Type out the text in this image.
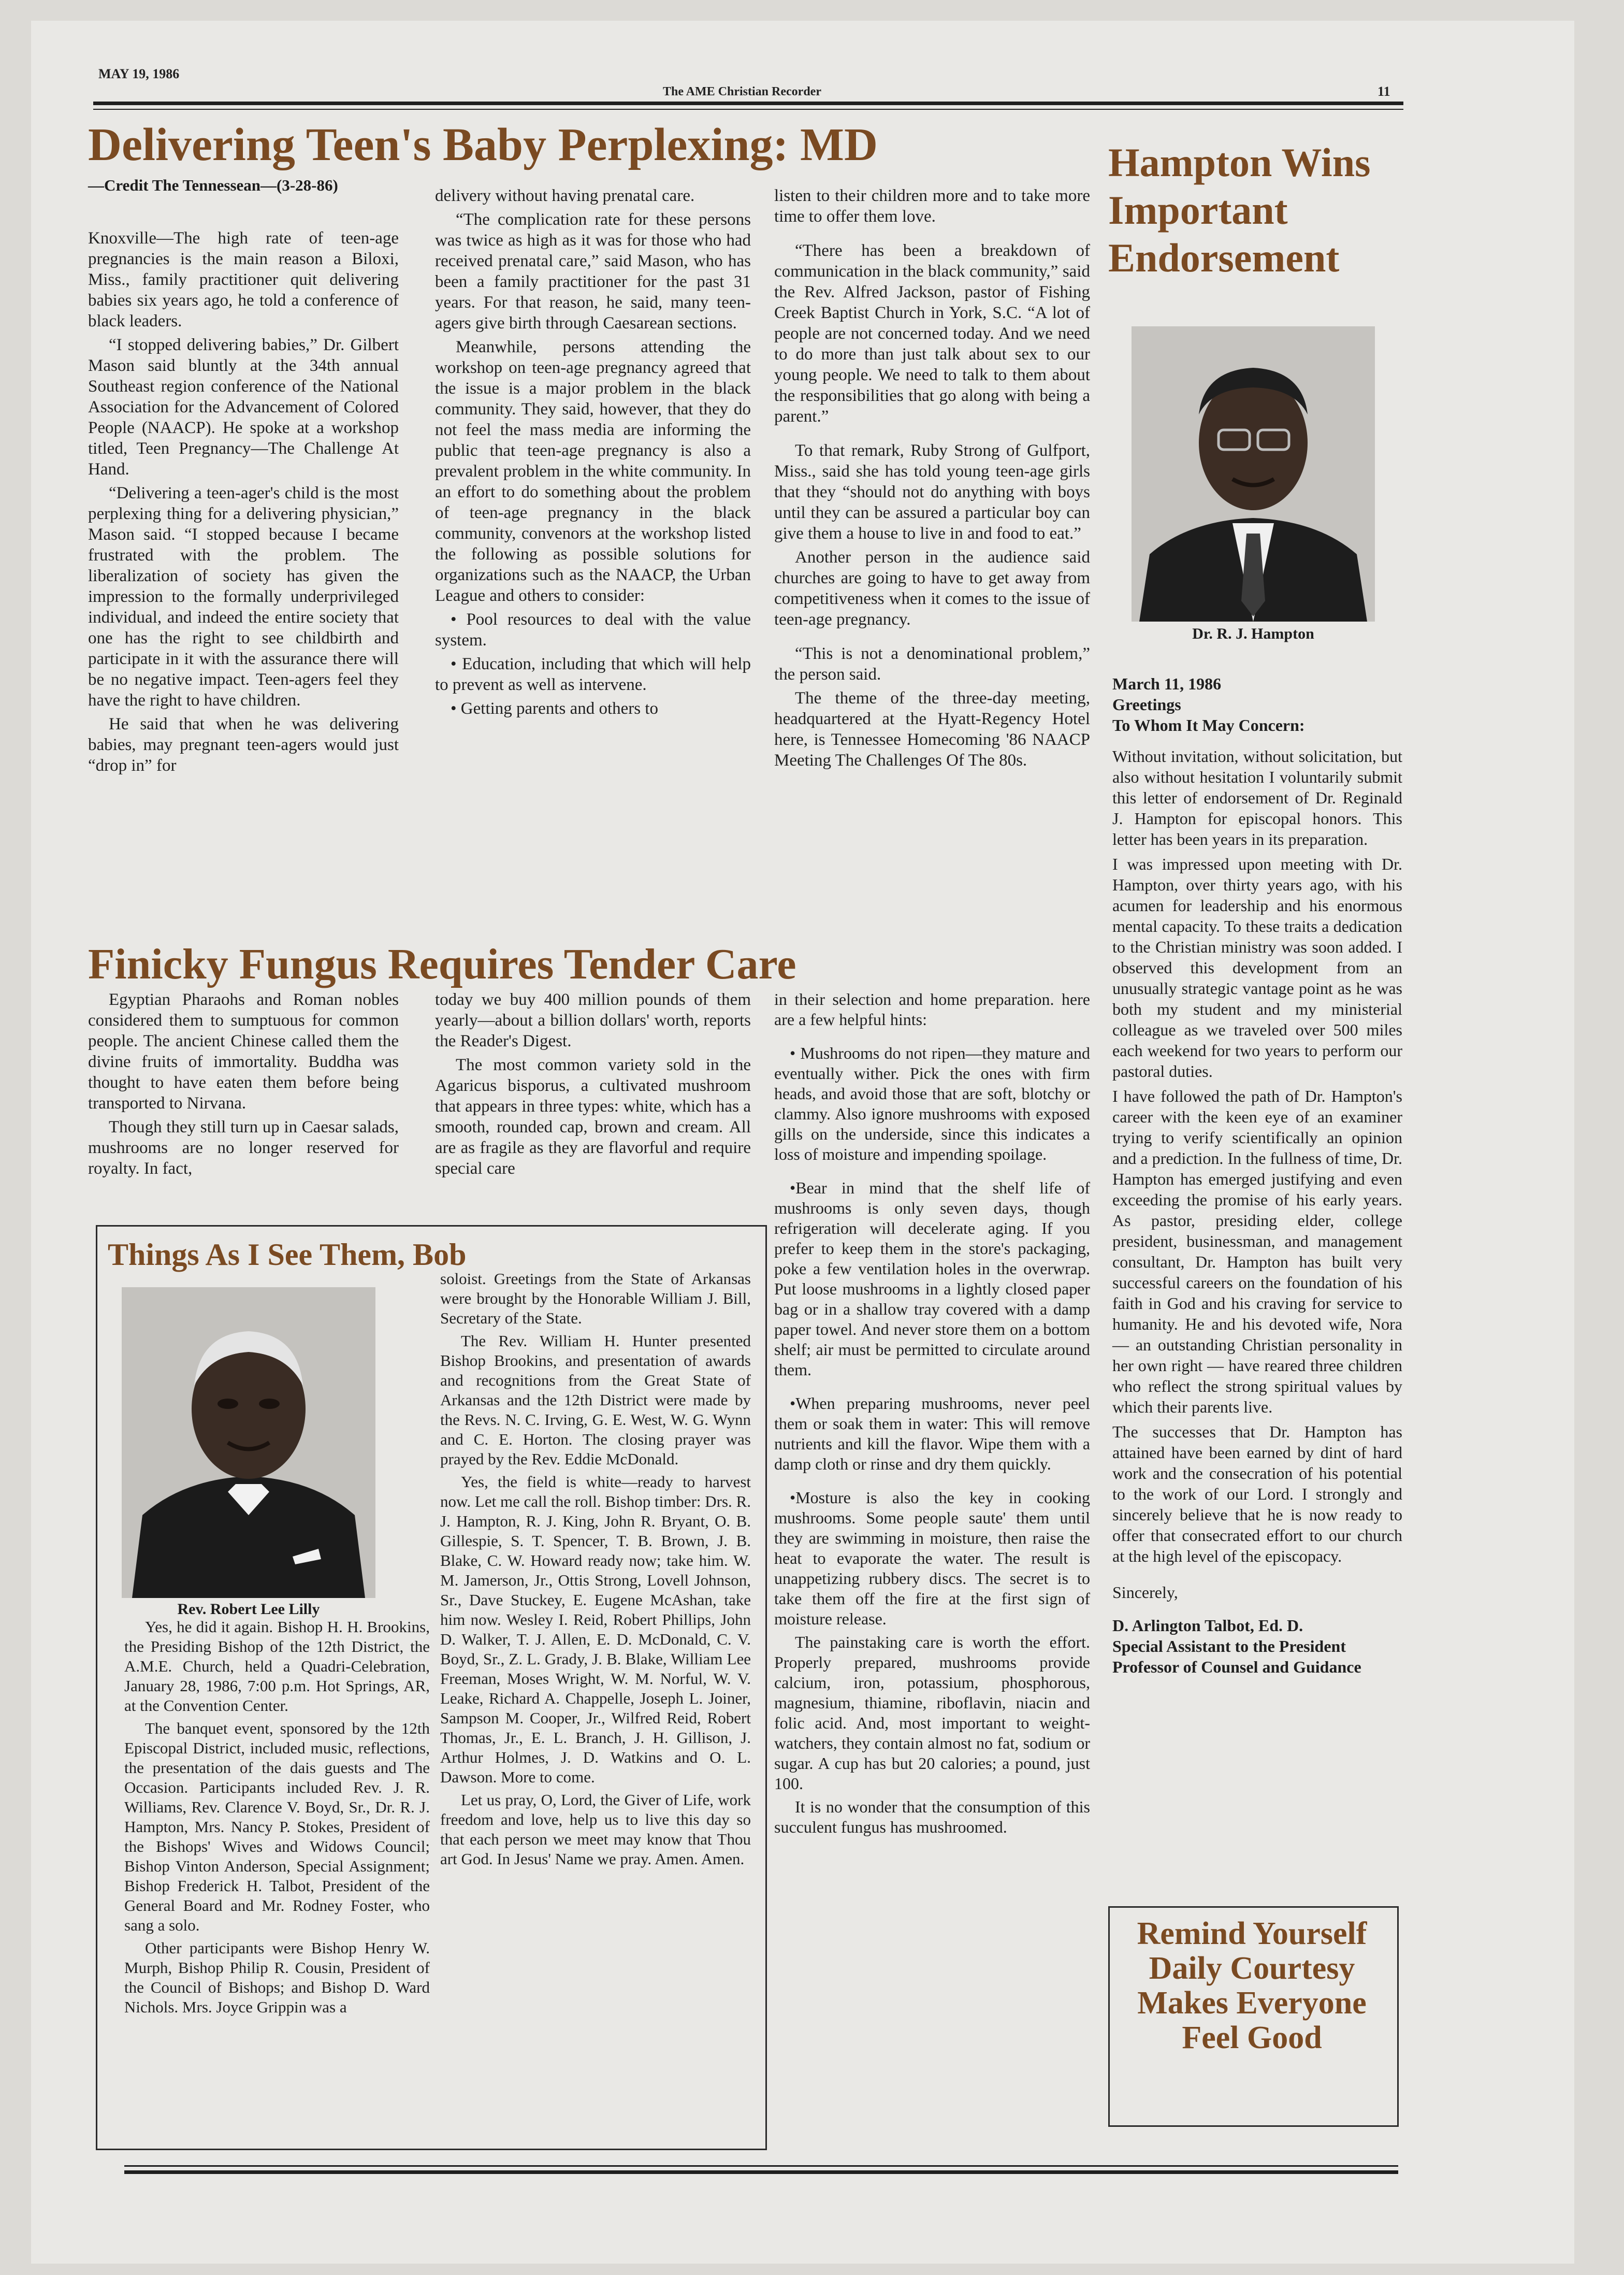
MAY 19, 1986
The AME Christian Recorder	11
Delivering Teen's Baby Perplexing: MD
—Credit The Tennessean—(3-28-86)

Knoxville—The high rate of teen-age pregnancies is the main reason a Biloxi, Miss., family practitioner quit delivering babies six years ago, he told a conference of black leaders.

“I stopped delivering babies,” Dr. Gilbert Mason said bluntly at the 34th annual Southeast region conference of the National Association for the Advancement of Colored People (NAACP). He spoke at a workshop titled, Teen Pregnancy—The Challenge At Hand.

“Delivering a teen-ager's child is the most perplexing thing for a delivering physician,” Mason said. “I stopped because I became frustrated with the problem. The liberalization of society has given the impression to the formally underprivileged individual, and indeed the entire society that one has the right to see childbirth and participate in it with the assurance there will be no negative impact. Teen-agers feel they have the right to have children.

He said that when he was delivering babies, may pregnant teen-agers would just “drop in” for

delivery without having prenatal care.

“The complication rate for these persons was twice as high as it was for those who had received prenatal care,” said Mason, who has been a family practitioner for the past 31 years. For that reason, he said, many teen-agers give birth through Caesarean sections.

Meanwhile, persons attending the workshop on teen-age pregnancy agreed that the issue is a major problem in the black community. They said, however, that they do not feel the mass media are informing the public that teen-age pregnancy is also a prevalent problem in the white community. In an effort to do something about the problem of teen-age pregnancy in the black community, convenors at the workshop listed the following as possible solutions for organizations such as the NAACP, the Urban League and others to consider:

• Pool resources to deal with the value system.

• Education, including that which will help to prevent as well as intervene.

• Getting parents and others to

listen to their children more and to take more time to offer them love.

“There has been a breakdown of communication in the black community,” said the Rev. Alfred Jackson, pastor of Fishing Creek Baptist Church in York, S.C. “A lot of people are not concerned today. And we need to do more than just talk about sex to our young people. We need to talk to them about the responsibilities that go along with being a parent.”

To that remark, Ruby Strong of Gulfport, Miss., said she has told young teen-age girls that they “should not do anything with boys until they can be assured a particular boy can give them a house to live in and food to eat.”

Another person in the audience said churches are going to have to get away from competitiveness when it comes to the issue of teen-age pregnancy.

“This is not a denominational problem,” the person said.

The theme of the three-day meeting, headquartered at the Hyatt-Regency Hotel here, is Tennessee Homecoming '86 NAACP Meeting The Challenges Of The 80s.

Finicky Fungus Requires Tender Care

Egyptian Pharaohs and Roman nobles considered them to sumptuous for common people. The ancient Chinese called them the divine fruits of immortality. Buddha was thought to have eaten them before being transported to Nirvana.

Though they still turn up in Caesar salads, mushrooms are no longer reserved for royalty. In fact,

today we buy 400 million pounds of them yearly—about a billion dollars' worth, reports the Reader's Digest.

The most common variety sold in the Agaricus bisporus, a cultivated mushroom that appears in three types: white, which has a smooth, rounded cap, brown and cream. All are as fragile as they are flavorful and require special care

in their selection and home preparation. here are a few helpful hints:

• Mushrooms do not ripen—they mature and eventually wither. Pick the ones with firm heads, and avoid those that are soft, blotchy or clammy. Also ignore mushrooms with exposed gills on the underside, since this indicates a loss of moisture and impending spoilage.

•Bear in mind that the shelf life of mushrooms is only seven days, though refrigeration will decelerate aging. If you prefer to keep them in the store's packaging, poke a few ventilation holes in the overwrap. Put loose mushrooms in a lightly closed paper bag or in a shallow tray covered with a damp paper towel. And never store them on a bottom shelf; air must be permitted to circulate around them.

•When preparing mushrooms, never peel them or soak them in water: This will remove nutrients and kill the flavor. Wipe them with a damp cloth or rinse and dry them quickly.

•Mosture is also the key in cooking mushrooms. Some people saute' them until they are swimming in moisture, then raise the heat to evaporate the water. The result is unappetizing rubbery discs. The secret is to take them off the fire at the first sign of moisture release.

The painstaking care is worth the effort. Properly prepared, mushrooms provide calcium, iron, potassium, phosphorous, magnesium, thiamine, riboflavin, niacin and folic acid. And, most important to weight-watchers, they contain almost no fat, sodium or sugar. A cup has but 20 calories; a pound, just 100.

It is no wonder that the consumption of this succulent fungus has mushroomed.

Things As I See Them, Bob
Rev. Robert Lee Lilly

Yes, he did it again. Bishop H. H. Brookins, the Presiding Bishop of the 12th District, the A.M.E. Church, held a Quadri-Celebration, January 28, 1986, 7:00 p.m. Hot Springs, AR, at the Convention Center.

The banquet event, sponsored by the 12th Episcopal District, included music, reflections, the presentation of the dais guests and The Occasion. Participants included Rev. J. R. Williams, Rev. Clarence V. Boyd, Sr., Dr. R. J. Hampton, Mrs. Nancy P. Stokes, President of the Bishops' Wives and Widows Council; Bishop Vinton Anderson, Special Assignment; Bishop Frederick H. Talbot, President of the General Board and Mr. Rodney Foster, who sang a solo.

Other participants were Bishop Henry W. Murph, Bishop Philip R. Cousin, President of the Council of Bishops; and Bishop D. Ward Nichols. Mrs. Joyce Grippin was a

soloist. Greetings from the State of Arkansas were brought by the Honorable William J. Bill, Secretary of the State.

The Rev. William H. Hunter presented Bishop Brookins, and presentation of awards and recognitions from the Great State of Arkansas and the 12th District were made by the Revs. N. C. Irving, G. E. West, W. G. Wynn and C. E. Horton. The closing prayer was prayed by the Rev. Eddie McDonald.

Yes, the field is white—ready to harvest now. Let me call the roll. Bishop timber: Drs. R. J. Hampton, R. J. King, John R. Bryant, O. B. Gillespie, S. T. Spencer, T. B. Brown, J. B. Blake, C. W. Howard ready now; take him. W. M. Jamerson, Jr., Ottis Strong, Lovell Johnson, Sr., Dave Stuckey, E. Eugene McAshan, take him now. Wesley I. Reid, Robert Phillips, John D. Walker, T. J. Allen, E. D. McDonald, C. V. Boyd, Sr., Z. L. Grady, J. B. Blake, William Lee Freeman, Moses Wright, W. M. Norful, W. V. Leake, Richard A. Chappelle, Joseph L. Joiner, Sampson M. Cooper, Jr., Wilfred Reid, Robert Thomas, Jr., E. L. Branch, J. H. Gillison, J. Arthur Holmes, J. D. Watkins and O. L. Dawson. More to come.

Let us pray, O, Lord, the Giver of Life, work freedom and love, help us to live this day so that each person we meet may know that Thou art God. In Jesus' Name we pray. Amen. Amen.

Hampton Wins Important Endorsement
Dr. R. J. Hampton

March 11, 1986

Greetings

To Whom It May Concern:

Without invitation, without solicitation, but also without hesitation I voluntarily submit this letter of endorsement of Dr. Reginald J. Hampton for episcopal honors. This letter has been years in its preparation.

I was impressed upon meeting with Dr. Hampton, over thirty years ago, with his acumen for leadership and his enormous mental capacity. To these traits a dedication to the Christian ministry was soon added. I observed this development from an unusually strategic vantage point as he was both my student and my ministerial colleague as we traveled over 500 miles each weekend for two years to perform our pastoral duties.

I have followed the path of Dr. Hampton's career with the keen eye of an examiner trying to verify scientifically an opinion and a prediction. In the fullness of time, Dr. Hampton has emerged justifying and even exceeding the promise of his early years. As pastor, presiding elder, college president, businessman, and management consultant, Dr. Hampton has built very successful careers on the foundation of his faith in God and his craving for service to humanity. He and his devoted wife, Nora — an outstanding Christian personality in her own right — have reared three children who reflect the strong spiritual values by which their parents live.

The successes that Dr. Hampton has attained have been earned by dint of hard work and the consecration of his potential to the work of our Lord. I strongly and sincerely believe that he is now ready to offer that consecrated effort to our church at the high level of the episcopacy.

Sincerely,

D. Arlington Talbot, Ed. D.

Special Assistant to the President

Professor of Counsel and Guidance

Remind Yourself Daily Courtesy Makes Everyone Feel Good
